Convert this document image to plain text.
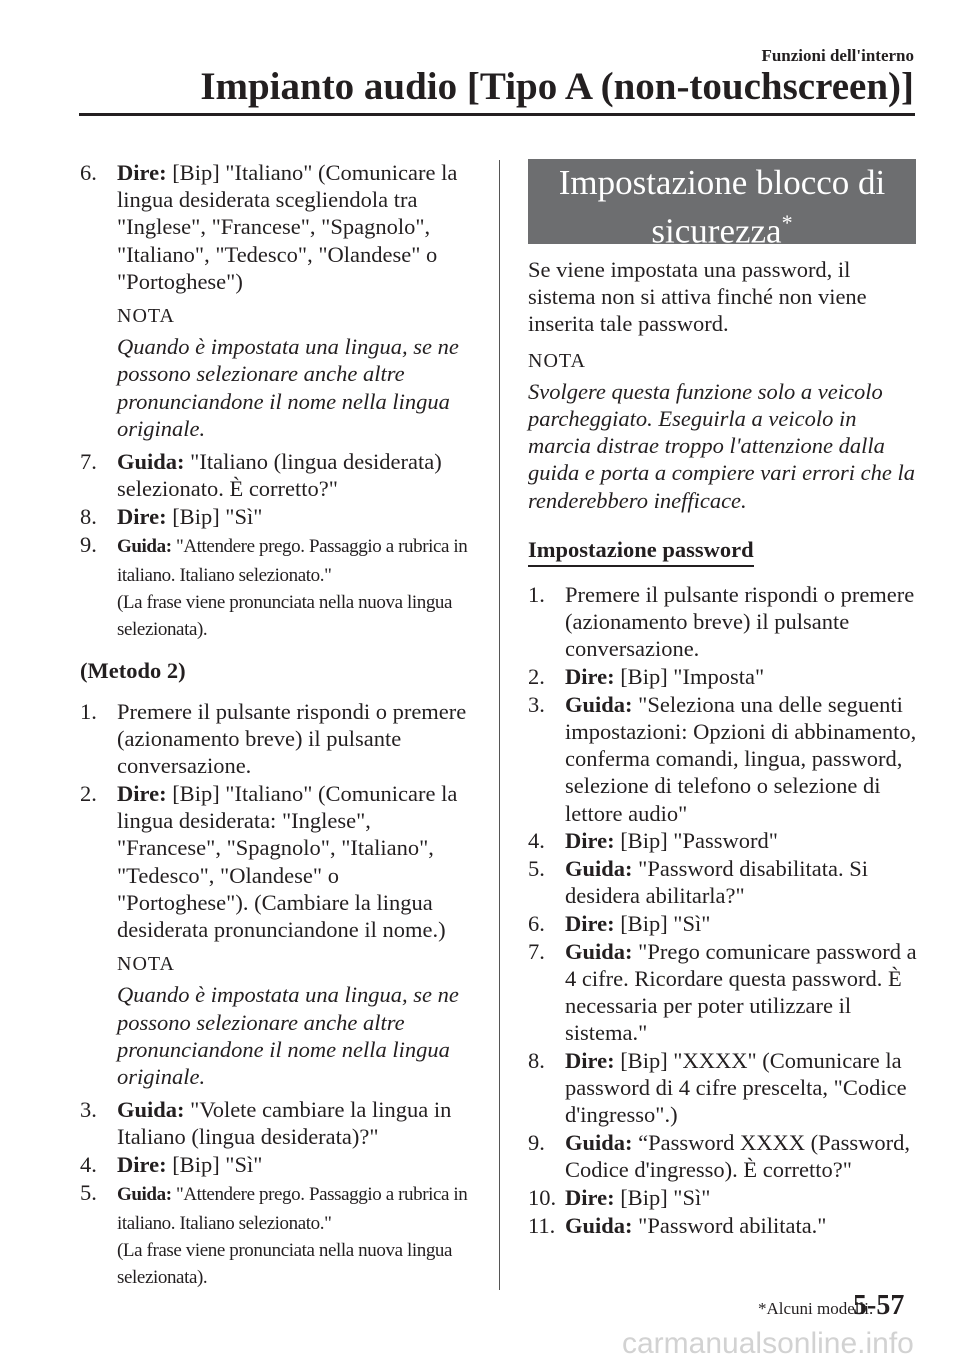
Funzioni dell'interno
Impianto audio [Tipo A (non-touchscreen)]
6. Dire: [Bip] "Italiano" (Comunicare la lingua desiderata scegliendola tra "Inglese", "Francese", "Spagnolo", "Italiano", "Tedesco", "Olandese" o "Portoghese")
NOTA
Quando è impostata una lingua, se ne possono selezionare anche altre pronunciandone il nome nella lingua originale.
7. Guida: "Italiano (lingua desiderata) selezionato. È corretto?"
8. Dire: [Bip] "Sì"
9. Guida: "Attendere prego. Passaggio a rubrica in italiano. Italiano selezionato."
(La frase viene pronunciata nella nuova lingua selezionata).
(Metodo 2)
1. Premere il pulsante rispondi o premere (azionamento breve) il pulsante conversazione.
2. Dire: [Bip] "Italiano" (Comunicare la lingua desiderata: "Inglese", "Francese", "Spagnolo", "Italiano", "Tedesco", "Olandese" o "Portoghese"). (Cambiare la lingua desiderata pronunciandone il nome.)
NOTA
Quando è impostata una lingua, se ne possono selezionare anche altre pronunciandone il nome nella lingua originale.
3. Guida: "Volete cambiare la lingua in Italiano (lingua desiderata)?"
4. Dire: [Bip] "Sì"
5. Guida: "Attendere prego. Passaggio a rubrica in italiano. Italiano selezionato."
(La frase viene pronunciata nella nuova lingua selezionata).
Impostazione blocco di
sicurezza*
Se viene impostata una password, il sistema non si attiva finché non viene inserita tale password.
NOTA
Svolgere questa funzione solo a veicolo parcheggiato. Eseguirla a veicolo in marcia distrae troppo l'attenzione dalla guida e porta a compiere vari errori che la renderebbero inefficace.
Impostazione password
1. Premere il pulsante rispondi o premere (azionamento breve) il pulsante conversazione.
2. Dire: [Bip] "Imposta"
3. Guida: "Seleziona una delle seguenti impostazioni: Opzioni di abbinamento, conferma comandi, lingua, password, selezione di telefono o selezione di lettore audio"
4. Dire: [Bip] "Password"
5. Guida: "Password disabilitata. Si desidera abilitarla?"
6. Dire: [Bip] "Sì"
7. Guida: "Prego comunicare password a 4 cifre. Ricordare questa password. È necessaria per poter utilizzare il sistema."
8. Dire: [Bip] "XXXX" (Comunicare la password di 4 cifre prescelta, "Codice d'ingresso".)
9. Guida: “Password XXXX (Password, Codice d'ingresso). È corretto?"
10. Dire: [Bip] "Sì"
11. Guida: "Password abilitata."
*Alcuni modelli.
5-57
carmanualsonline.info
